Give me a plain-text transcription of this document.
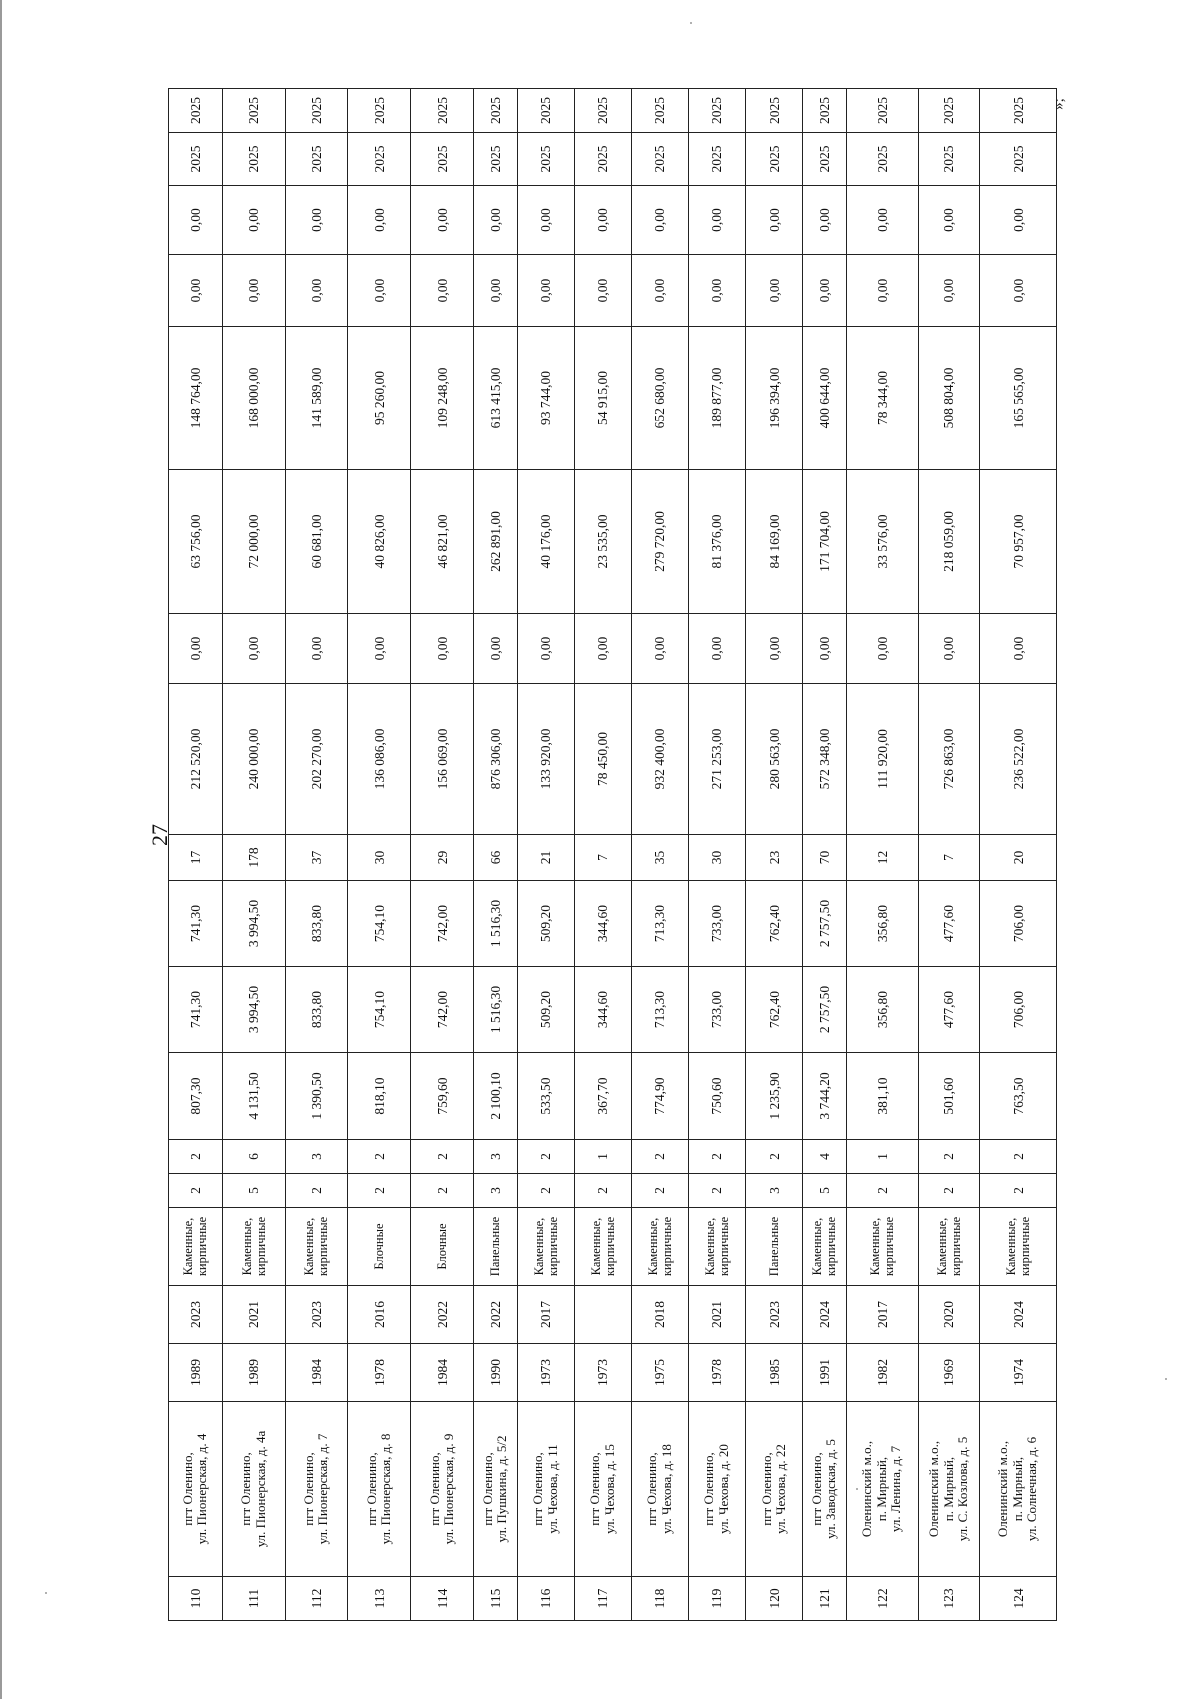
27
»;
110	пгт Оленино,
ул. Пионерская, д. 4	1989	2023	Каменные,
кирпичные	2	2	807,30	741,30	741,30	17	212 520,00	0,00	63 756,00	148 764,00	0,00	0,00	2025	2025
111	пгт Оленино,
ул. Пионерская, д. 4а	1989	2021	Каменные,
кирпичные	5	6	4 131,50	3 994,50	3 994,50	178	240 000,00	0,00	72 000,00	168 000,00	0,00	0,00	2025	2025
112	пгт Оленино,
ул. Пионерская, д. 7	1984	2023	Каменные,
кирпичные	2	3	1 390,50	833,80	833,80	37	202 270,00	0,00	60 681,00	141 589,00	0,00	0,00	2025	2025
113	пгт Оленино,
ул. Пионерская, д. 8	1978	2016	Блочные	2	2	818,10	754,10	754,10	30	136 086,00	0,00	40 826,00	95 260,00	0,00	0,00	2025	2025
114	пгт Оленино,
ул. Пионерская, д. 9	1984	2022	Блочные	2	2	759,60	742,00	742,00	29	156 069,00	0,00	46 821,00	109 248,00	0,00	0,00	2025	2025
115	пгт Оленино,
ул. Пушкина, д. 5/2	1990	2022	Панельные	3	3	2 100,10	1 516,30	1 516,30	66	876 306,00	0,00	262 891,00	613 415,00	0,00	0,00	2025	2025
116	пгт Оленино,
ул. Чехова, д. 11	1973	2017	Каменные,
кирпичные	2	2	533,50	509,20	509,20	21	133 920,00	0,00	40 176,00	93 744,00	0,00	0,00	2025	2025
117	пгт Оленино,
ул. Чехова, д. 15	1973		Каменные,
кирпичные	2	1	367,70	344,60	344,60	7	78 450,00	0,00	23 535,00	54 915,00	0,00	0,00	2025	2025
118	пгт Оленино,
ул. Чехова, д. 18	1975	2018	Каменные,
кирпичные	2	2	774,90	713,30	713,30	35	932 400,00	0,00	279 720,00	652 680,00	0,00	0,00	2025	2025
119	пгт Оленино,
ул. Чехова, д. 20	1978	2021	Каменные,
кирпичные	2	2	750,60	733,00	733,00	30	271 253,00	0,00	81 376,00	189 877,00	0,00	0,00	2025	2025
120	пгт Оленино,
ул. Чехова, д. 22	1985	2023	Панельные	3	2	1 235,90	762,40	762,40	23	280 563,00	0,00	84 169,00	196 394,00	0,00	0,00	2025	2025
121	пгт Оленино,
ул. Заводская, д. 5	1991	2024	Каменные,
кирпичные	5	4	3 744,20	2 757,50	2 757,50	70	572 348,00	0,00	171 704,00	400 644,00	0,00	0,00	2025	2025
122	Оленинский м.о.,
п. Мирный,
ул. Ленина, д. 7	1982	2017	Каменные,
кирпичные	2	1	381,10	356,80	356,80	12	111 920,00	0,00	33 576,00	78 344,00	0,00	0,00	2025	2025
123	Оленинский м.о.,
п. Мирный,
ул. С. Козлова, д. 5	1969	2020	Каменные,
кирпичные	2	2	501,60	477,60	477,60	7	726 863,00	0,00	218 059,00	508 804,00	0,00	0,00	2025	2025
124	Оленинский м.о.,
п. Мирный,
ул. Солнечная, д. 6	1974	2024	Каменные,
кирпичные	2	2	763,50	706,00	706,00	20	236 522,00	0,00	70 957,00	165 565,00	0,00	0,00	2025	2025
